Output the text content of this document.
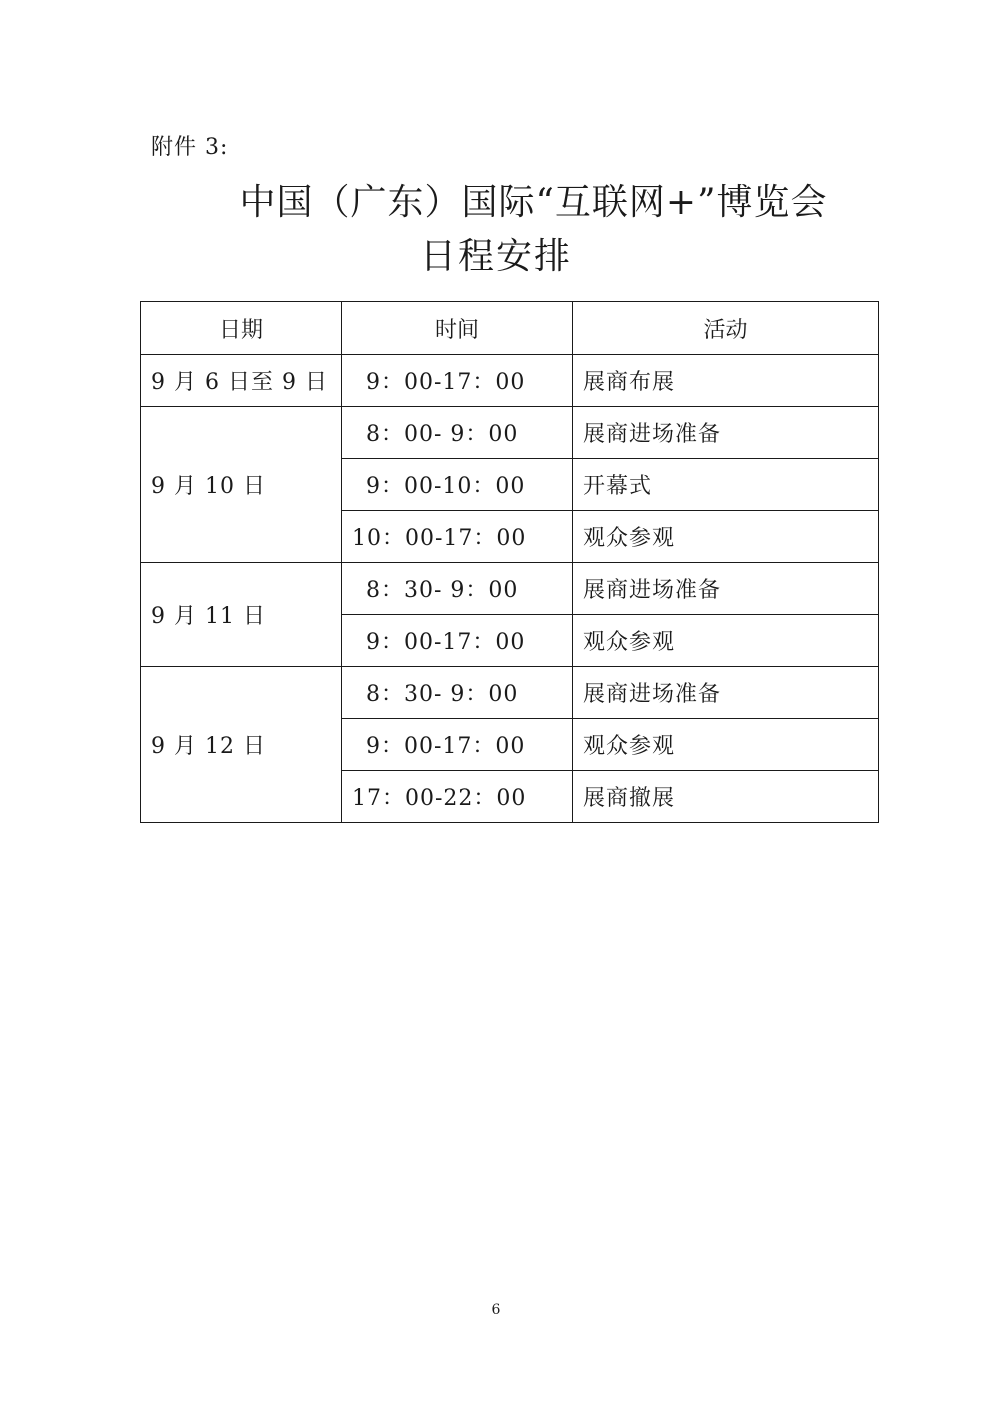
附件 3:
中国（广东）国际“互联网+”博览会
日程安排
日期	时间	活动
9 月 6 日至 9 日	9：00-17：00	展商布展
9 月 10 日	8：00- 9：00	展商进场准备
	9：00-10：00	开幕式
	10：00-17：00	观众参观
9 月 11 日	8：30- 9：00	展商进场准备
	9：00-17：00	观众参观
9 月 12 日	8：30- 9：00	展商进场准备
	9：00-17：00	观众参观
	17：00-22：00	展商撤展
6
